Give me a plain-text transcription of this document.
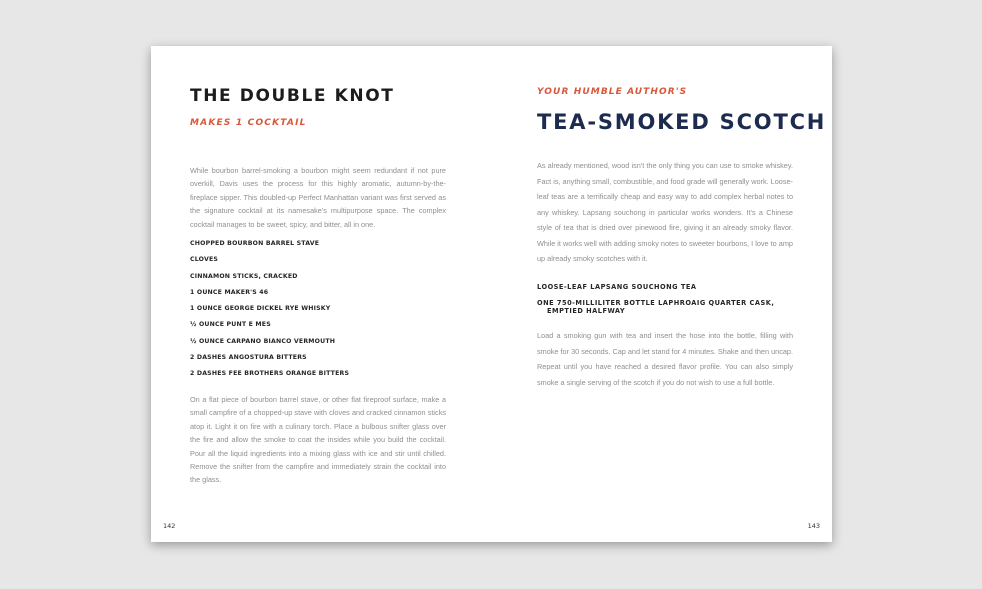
THE DOUBLE KNOT
MAKES 1 COCKTAIL

While bourbon barrel-smoking a bourbon might seem redundant if not pure overkill, Davis uses the process for this highly aromatic, autumn-by-the-fireplace sipper. This doubled-up Perfect Manhattan variant was first served as the signature cocktail at its namesake's multipurpose space. The complex cocktail manages to be sweet, spicy, and bitter, all in one.

CHOPPED BOURBON BARREL STAVE
CLOVES
CINNAMON STICKS, CRACKED
1 OUNCE MAKER'S 46
1 OUNCE GEORGE DICKEL RYE WHISKY
½ OUNCE PUNT E MES
½ OUNCE CARPANO BIANCO VERMOUTH
2 DASHES ANGOSTURA BITTERS
2 DASHES FEE BROTHERS ORANGE BITTERS

On a flat piece of bourbon barrel stave, or other flat fireproof surface, make a small campfire of a chopped-up stave with cloves and cracked cinnamon sticks atop it. Light it on fire with a culinary torch. Place a bulbous snifter glass over the fire and allow the smoke to coat the insides while you build the cocktail. Pour all the liquid ingredients into a mixing glass with ice and stir until chilled. Remove the snifter from the campfire and immediately strain the cocktail into the glass.

142
YOUR HUMBLE AUTHOR'S
TEA-SMOKED SCOTCH

As already mentioned, wood isn't the only thing you can use to smoke whiskey. Fact is, anything small, combustible, and food grade will generally work. Loose-leaf teas are a terrifically cheap and easy way to add complex herbal notes to any whiskey. Lapsang souchong in particular works wonders. It's a Chinese style of tea that is dried over pinewood fire, giving it an already smoky flavor. While it works well with adding smoky notes to sweeter bourbons, I love to amp up already smoky scotches with it.

LOOSE-LEAF LAPSANG SOUCHONG TEA
ONE 750-MILLILITER BOTTLE LAPHROAIG QUARTER CASK, EMPTIED HALFWAY

Load a smoking gun with tea and insert the hose into the bottle, filling with smoke for 30 seconds. Cap and let stand for 4 minutes. Shake and then uncap. Repeat until you have reached a desired flavor profile. You can also simply smoke a single serving of the scotch if you do not wish to use a full bottle.

143
